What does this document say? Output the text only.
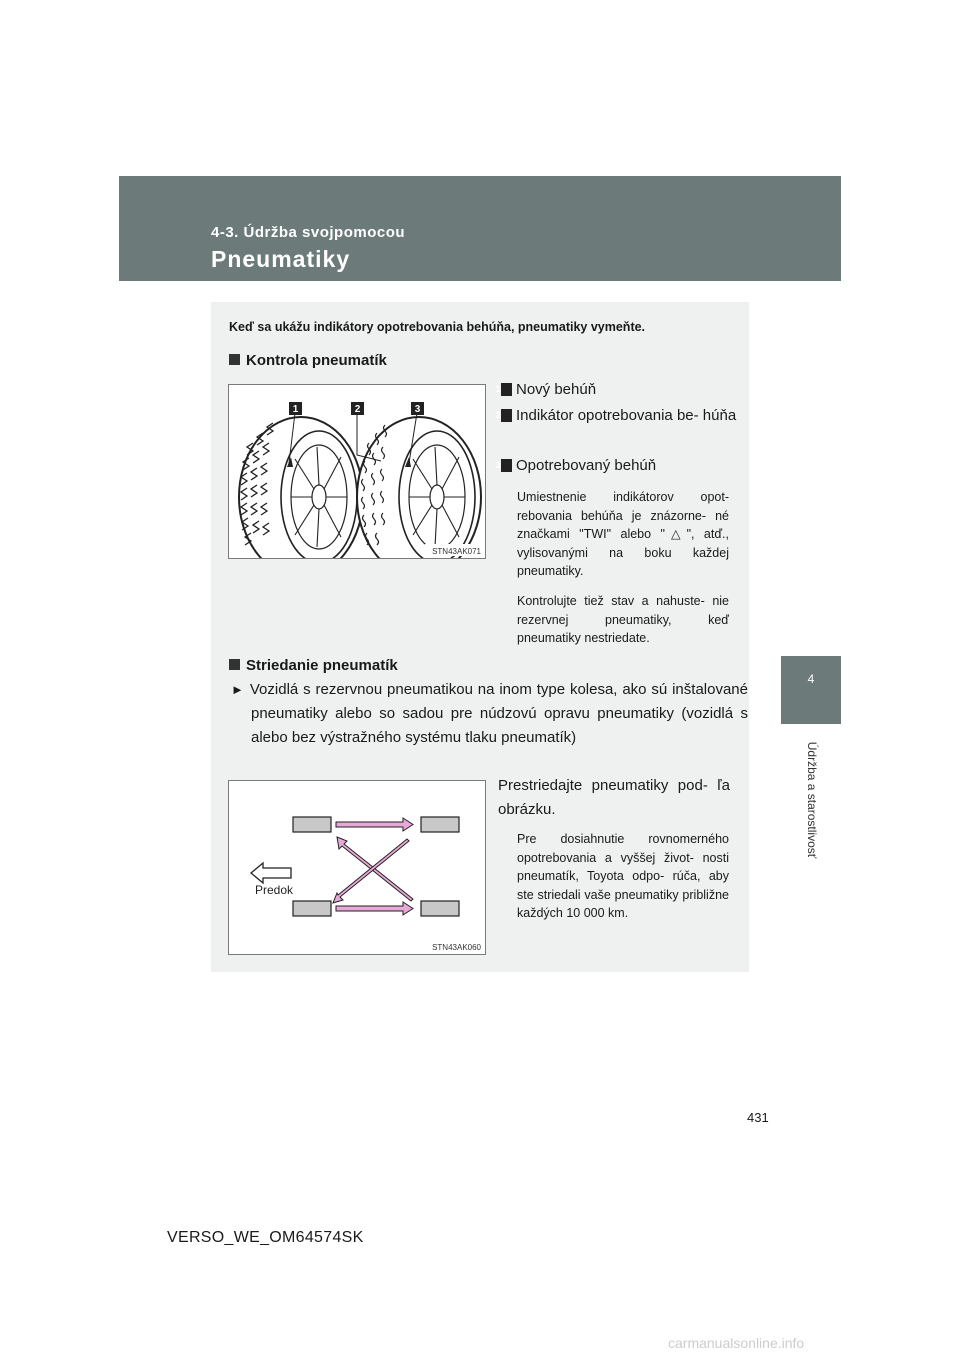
4-3. Údržba svojpomocou
Pneumatiky
4
Údržba a starostlivosť
Keď sa ukážu indikátory opotrebovania behúňa, pneumatiky vymeňte.
Kontrola pneumatík
1	2	3
STN43AK071
1 Nový behúň
2 Indikátor opotrebovania be- húňa
3 Opotrebovaný behúň
Umiestnenie indikátorov opot- rebovania behúňa je znázorne- né značkami "TWI" alebo "△", atď., vylisovanými na boku každej pneumatiky.
Kontrolujte tiež stav a nahuste- nie rezervnej pneumatiky, keď pneumatiky nestriedate.
Striedanie pneumatík
► Vozidlá s rezervnou pneumatikou na inom type kolesa, ako sú inštalované pneumatiky alebo so sadou pre núdzovú opravu pneumatiky (vozidlá s alebo bez výstražného systému tlaku pneumatík)
Prestriedajte pneumatiky pod- ľa obrázku.
Predok
STN43AK060
Pre dosiahnutie rovnomerného opotrebovania a vyššej život- nosti pneumatík, Toyota odpo- rúča, aby ste striedali vaše pneumatiky približne každých 10 000 km.
431
VERSO_WE_OM64574SK
carmanualsonline.info
